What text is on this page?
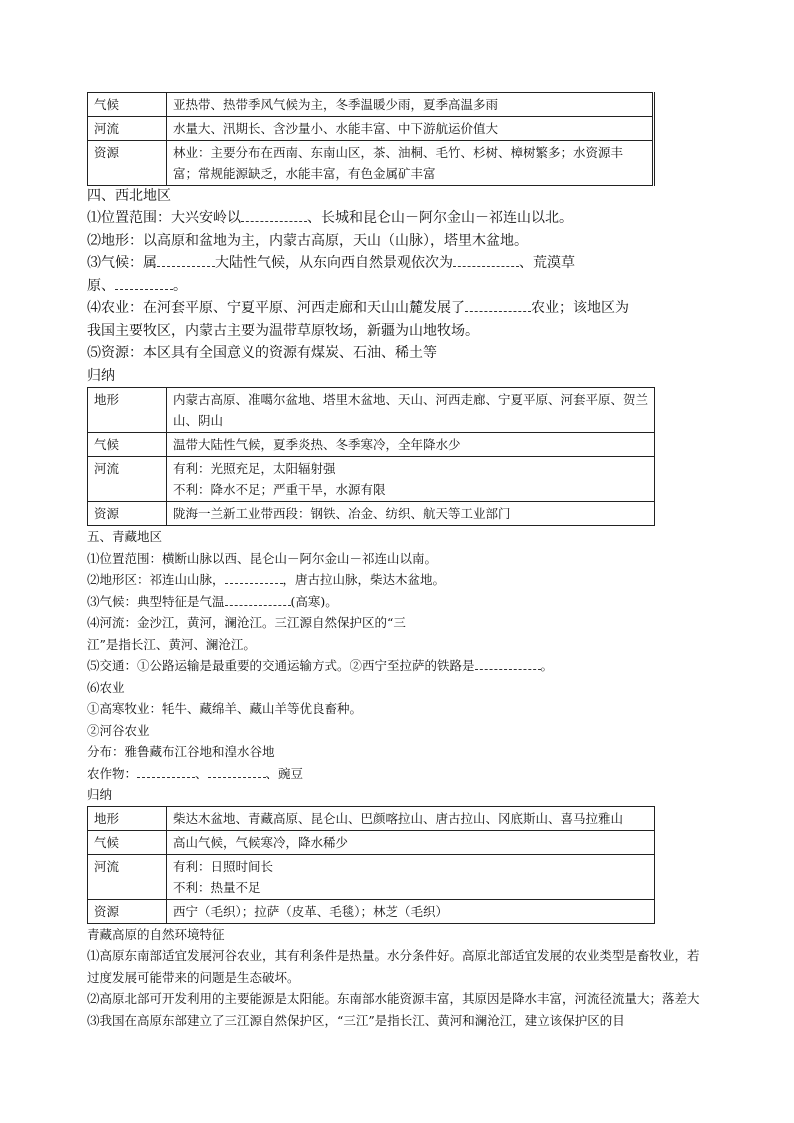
气候	亚热带、热带季风气候为主，冬季温暖少雨，夏季高温多雨
河流	水量大、汛期长、含沙量小、水能丰富、中下游航运价值大
资源	林业：主要分布在西南、东南山区，茶、油桐、毛竹、杉树、樟树繁多；水资源丰富；常规能源缺乏，水能丰富，有色金属矿丰富

四、西北地区

⑴位置范围：大兴安岭以	、长城和昆仑山－阿尔金山－祁连山以北。

⑵地形：以高原和盆地为主，内蒙古高原，天山（山脉），塔里木盆地。

⑶气候：属	大陆性气候，从东向西自然景观依次为	、荒漠草
原、	。

⑷农业：在河套平原、宁夏平原、河西走廊和天山山麓发展了	农业；该地区为
我国主要牧区，内蒙古主要为温带草原牧场，新疆为山地牧场。

⑸资源：本区具有全国意义的资源有煤炭、石油、稀土等

归纳

地形	内蒙古高原、准噶尔盆地、塔里木盆地、天山、河西走廊、宁夏平原、河套平原、贺兰山、阴山
气候	温带大陆性气候，夏季炎热、冬季寒冷，全年降水少
河流	有利：光照充足，太阳辐射强
不利：降水不足；严重干旱，水源有限

资源	陇海一兰新工业带西段：钢铁、冶金、纺织、航天等工业部门

五、青藏地区

⑴位置范围：横断山脉以西、昆仑山－阿尔金山－祁连山以南。

⑵地形区：祁连山山脉，	，唐古拉山脉，柴达木盆地。

⑶气候：典型特征是气温	(高寒)。

⑷河流：金沙江，黄河，澜沧江。三江源自然保护区的“三
江”是指长江、黄河、澜沧江。

⑸交通：①公路运输是最重要的交通运输方式。②西宁至拉萨的铁路是	。

⑹农业

①高寒牧业：牦牛、藏绵羊、藏山羊等优良畜种。

②河谷农业

分布：雅鲁藏布江谷地和湟水谷地

农作物：	、	、豌豆

归纳

地形	柴达木盆地、青藏高原、昆仑山、巴颜喀拉山、唐古拉山、冈底斯山、喜马拉雅山
气候	高山气候，气候寒冷，降水稀少
河流	有利：日照时间长
不利：热量不足

资源	西宁（毛织）；拉萨（皮革、毛毯）；林芝（毛织）

青藏高原的自然环境特征

⑴高原东南部适宜发展河谷农业，其有利条件是热量。水分条件好。高原北部适宜发展的农业类型是畜牧业，若过度发展可能带来的问题是生态破坏。

⑵高原北部可开发利用的主要能源是太阳能。东南部水能资源丰富，其原因是降水丰富，河流径流量大；落差大

⑶我国在高原东部建立了三江源自然保护区，“三江”是指长江、黄河和澜沧江，建立该保护区的目
